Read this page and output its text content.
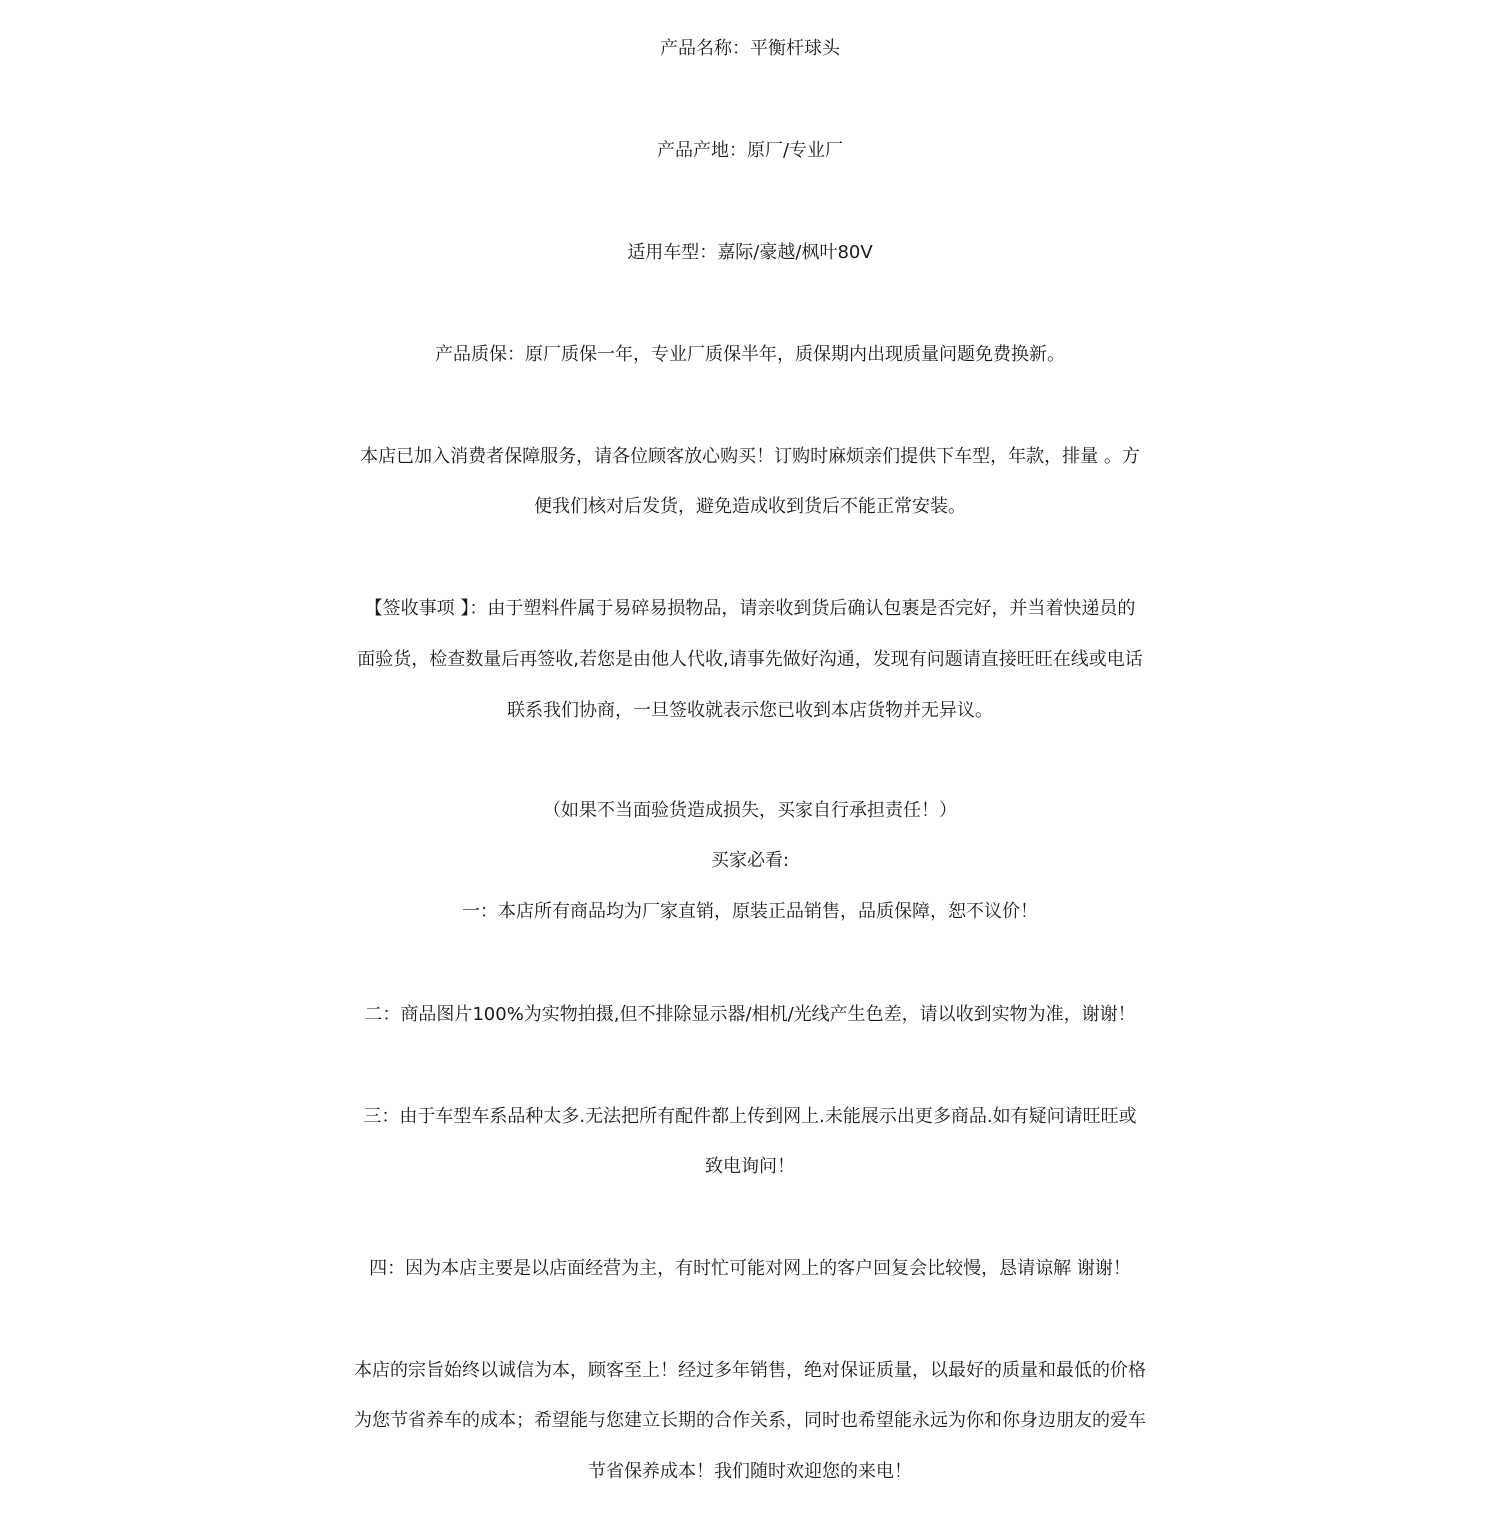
产品名称：平衡杆球头
产品产地：原厂/专业厂
适用车型：嘉际/豪越/枫叶80V
产品质保：原厂质保一年，专业厂质保半年，质保期内出现质量问题免费换新。
本店已加入消费者保障服务，请各位顾客放心购买！订购时麻烦亲们提供下车型，年款，排量 。方
便我们核对后发货，避免造成收到货后不能正常安装。
【签收事项 】：由于塑料件属于易碎易损物品，请亲收到货后确认包裹是否完好，并当着快递员的
面验货，检查数量后再签收,若您是由他人代收,请事先做好沟通，发现有问题请直接旺旺在线或电话
联系我们协商，一旦签收就表示您已收到本店货物并无异议。
（如果不当面验货造成损失，买家自行承担责任！）
买家必看:
一：本店所有商品均为厂家直销，原装正品销售，品质保障，恕不议价！
二：商品图片100%为实物拍摄,但不排除显示器/相机/光线产生色差，请以收到实物为准，谢谢！
三：由于车型车系品种太多.无法把所有配件都上传到网上.未能展示出更多商品.如有疑问请旺旺或
致电询问！
四：因为本店主要是以店面经营为主，有时忙可能对网上的客户回复会比较慢，恳请谅解 谢谢！
本店的宗旨始终以诚信为本，顾客至上！经过多年销售，绝对保证质量，以最好的质量和最低的价格
为您节省养车的成本；希望能与您建立长期的合作关系，同时也希望能永远为你和你身边朋友的爱车
节省保养成本！我们随时欢迎您的来电！
